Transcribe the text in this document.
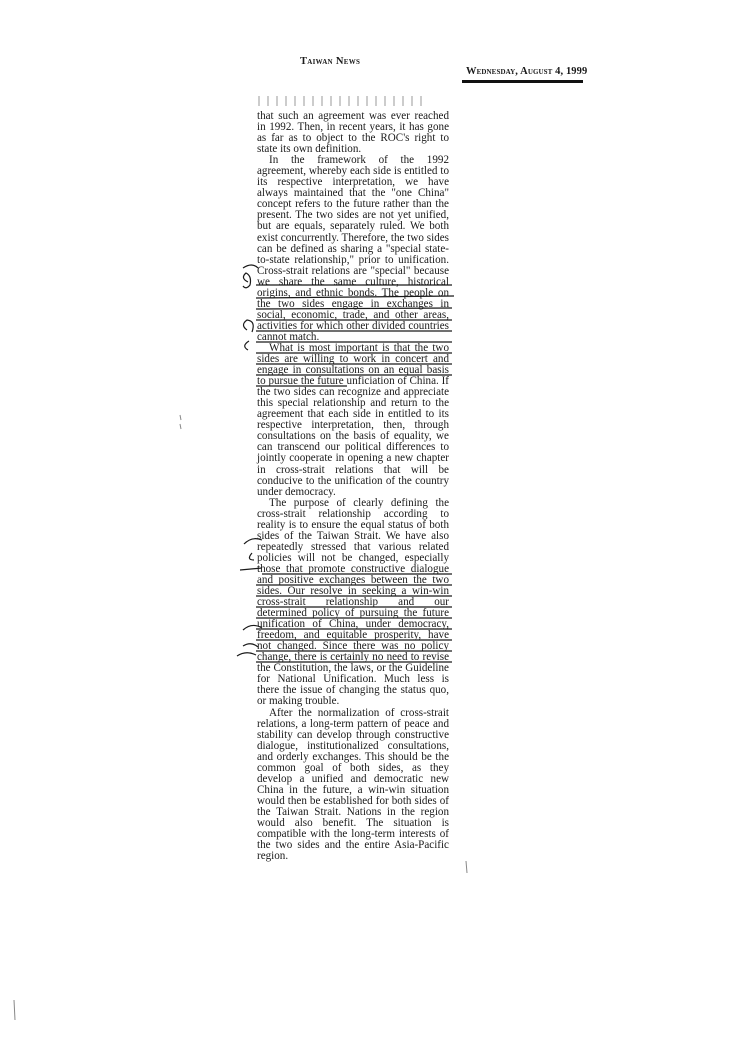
Taiwan News
Wednesday, August 4, 1999

that such an agreement was ever reached in 1992. Then, in recent years, it has gone as far as to object to the ROC's right to state its own definition.

In the framework of the 1992 agreement, whereby each side is entitled to its respective interpretation, we have always maintained that the "one China" concept refers to the future rather than the present. The two sides are not yet unified, but are equals, separately ruled. We both exist concurrently. Therefore, the two sides can be defined as sharing a "special state-to-state relationship," prior to unification. Cross-strait relations are "special" because we share the same culture, historical origins, and ethnic bonds. The people on the two sides engage in exchanges in social, economic, trade, and other areas, activities for which other divided countries cannot match.

What is most important is that the two sides are willing to work in concert and engage in consultations on an equal basis to pursue the future unficiation of China. If the two sides can recognize and appreciate this special relationship and return to the agreement that each side in entitled to its respective interpretation, then, through consultations on the basis of equality, we can transcend our political differences to jointly cooperate in opening a new chapter in cross-strait relations that will be conducive to the unification of the country under democracy.

The purpose of clearly defining the cross-strait relationship according to reality is to ensure the equal status of both sides of the Taiwan Strait. We have also repeatedly stressed that various related policies will not be changed, especially those that promote constructive dialogue and positive exchanges between the two sides. Our resolve in seeking a win-win cross-strait relationship and our determined policy of pursuing the future unification of China, under democracy, freedom, and equitable prosperity, have not changed. Since there was no policy change, there is certainly no need to revise the Constitution, the laws, or the Guideline for National Unification. Much less is there the issue of changing the status quo, or making trouble.

After the normalization of cross-strait relations, a long-term pattern of peace and stability can develop through constructive dialogue, institutionalized consultations, and orderly exchanges. This should be the common goal of both sides, as they develop a unified and democratic new China in the future, a win-win situation would then be established for both sides of the Taiwan Strait. Nations in the region would also benefit. The situation is compatible with the long-term interests of the two sides and the entire Asia-Pacific region.
